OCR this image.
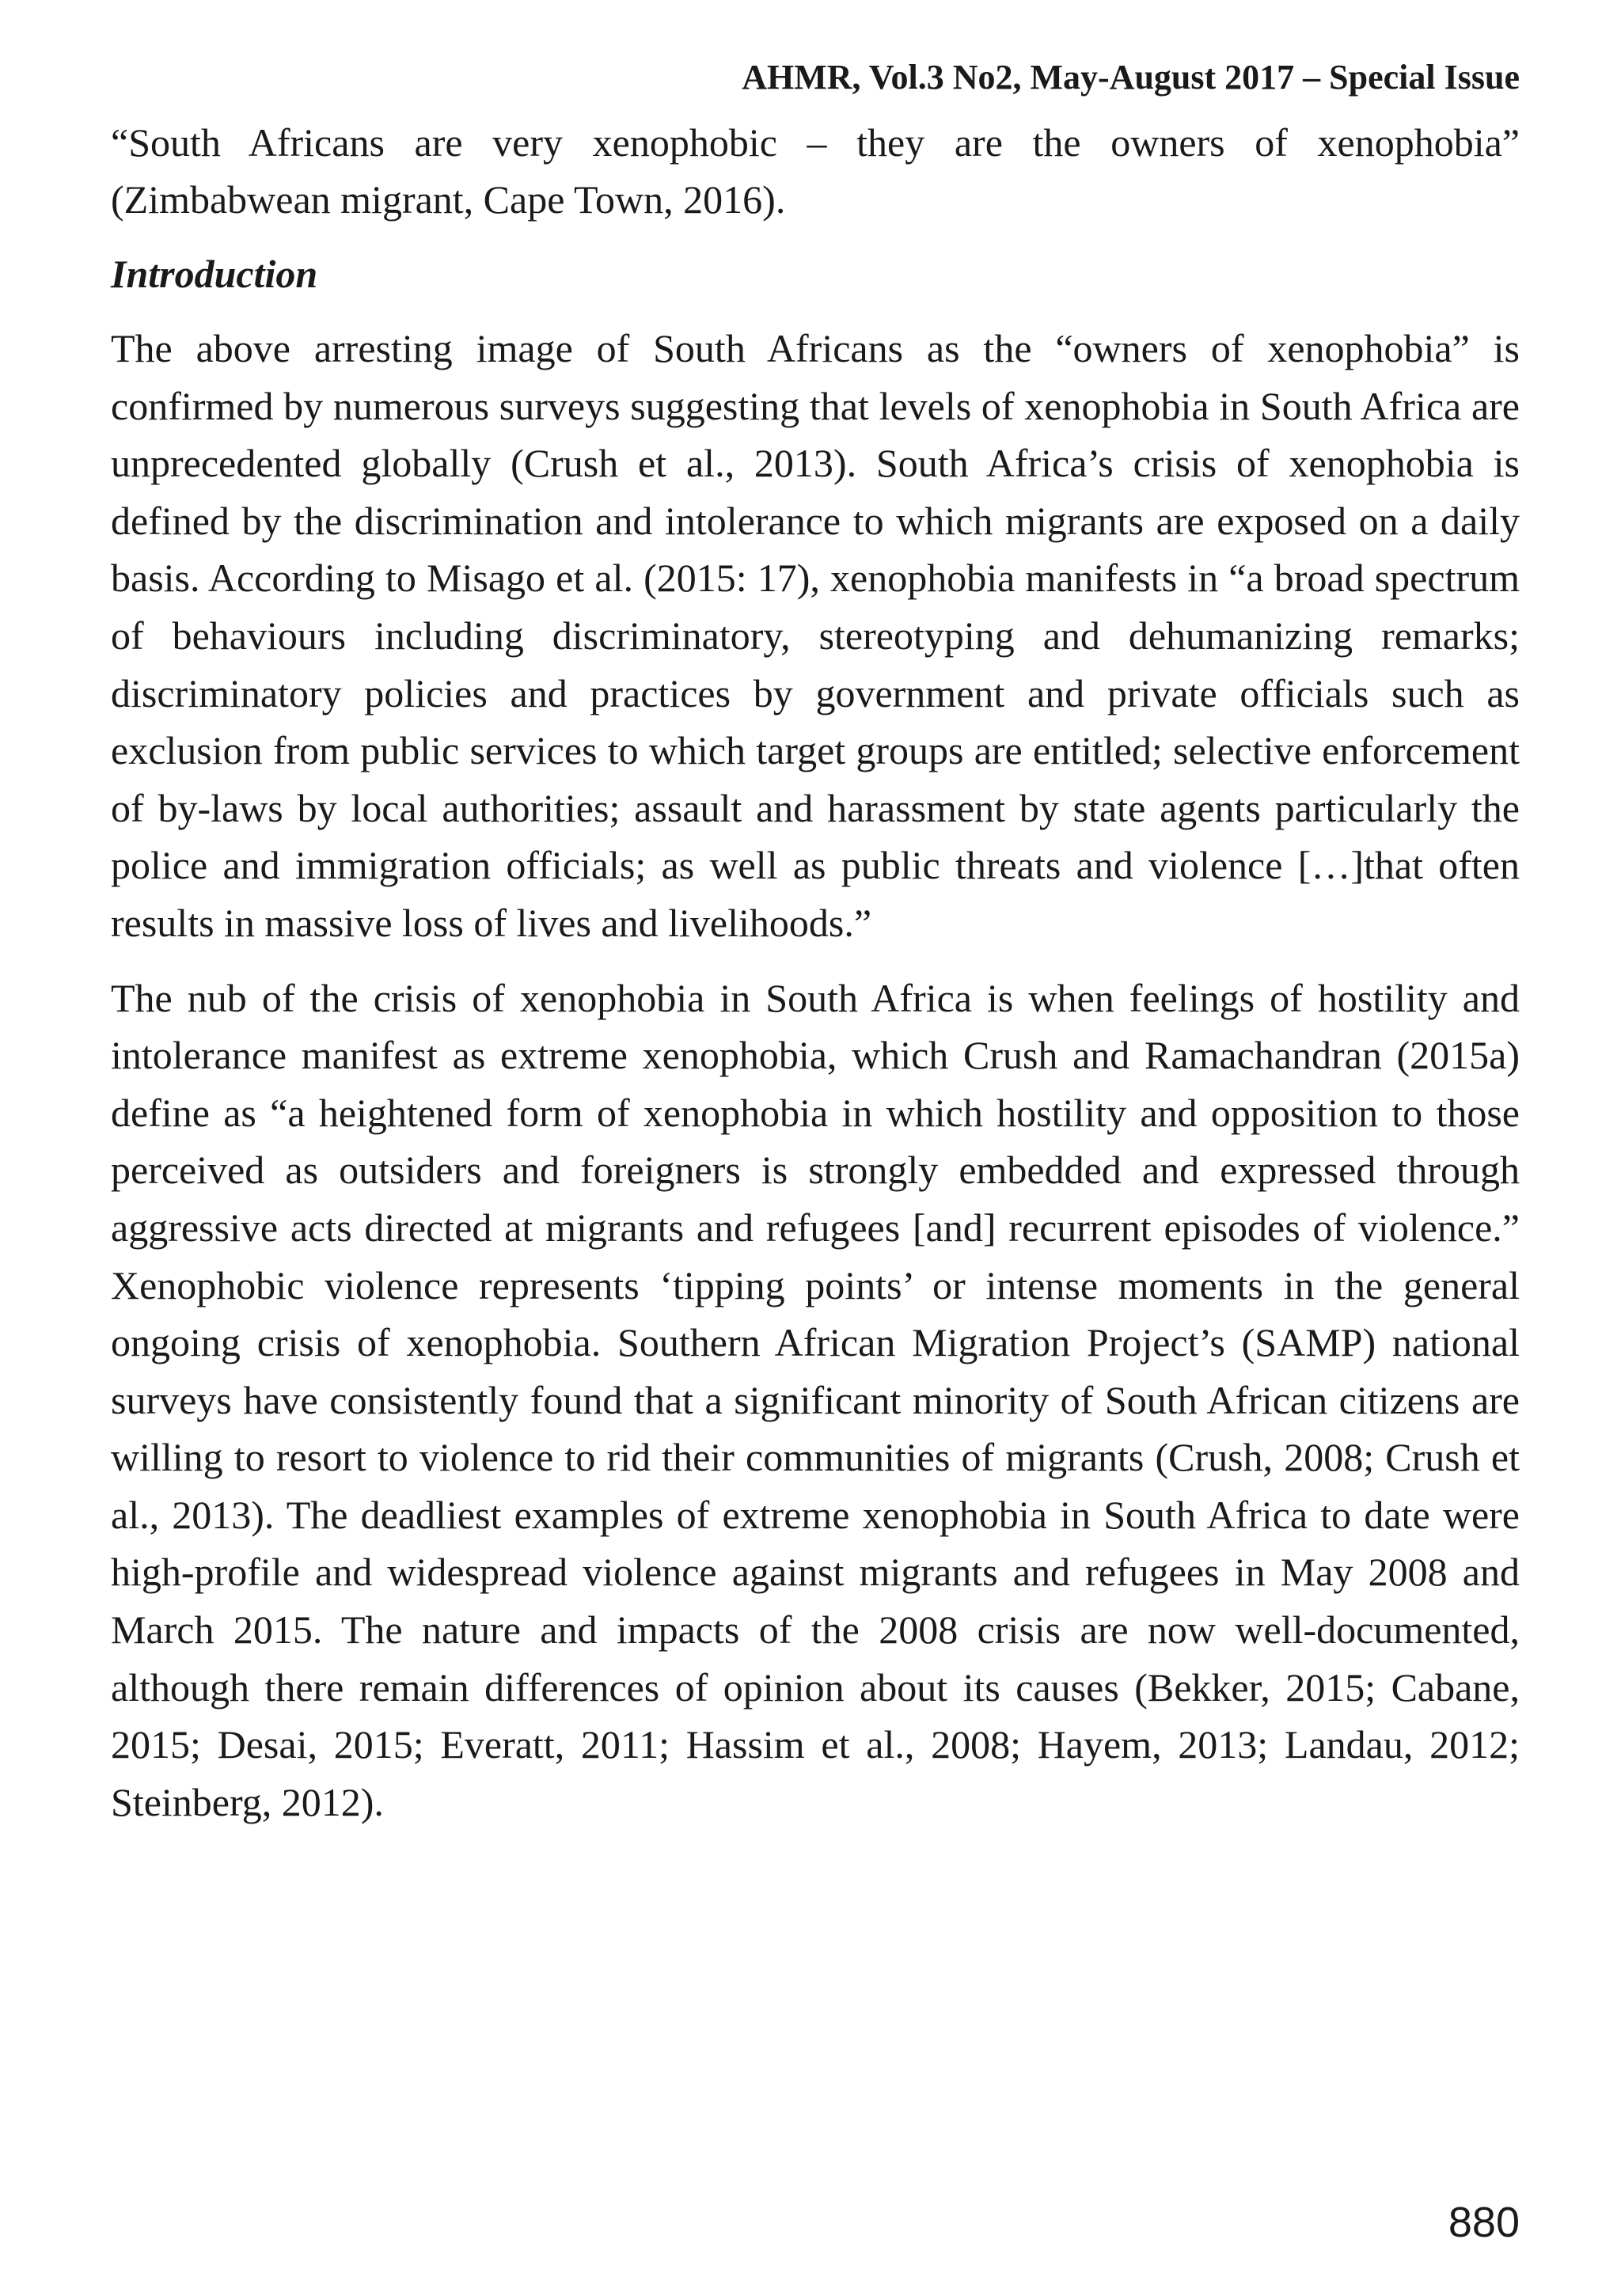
AHMR, Vol.3 No2, May-August 2017 – Special Issue

“South Africans are very xenophobic – they are the owners of xenophobia” (Zimbabwean migrant, Cape Town, 2016).

Introduction

The above arresting image of South Africans as the “owners of xenophobia” is confirmed by numerous surveys suggesting that levels of xenophobia in South Africa are unprecedented globally (Crush et al., 2013). South Africa’s crisis of xenophobia is defined by the discrimination and intolerance to which migrants are exposed on a daily basis. According to Misago et al. (2015: 17), xenophobia manifests in “a broad spectrum of behaviours including discriminatory, stereotyping and dehumanizing remarks; discriminatory policies and practices by government and private officials such as exclusion from public services to which target groups are entitled; selective enforcement of by-laws by local authorities; assault and harassment by state agents particularly the police and immigration officials; as well as public threats and violence […]that often results in massive loss of lives and livelihoods.”

The nub of the crisis of xenophobia in South Africa is when feelings of hostility and intolerance manifest as extreme xenophobia, which Crush and Ramachandran (2015a) define as “a heightened form of xenophobia in which hostility and opposition to those perceived as outsiders and foreigners is strongly embedded and expressed through aggressive acts directed at migrants and refugees [and] recurrent episodes of violence.” Xenophobic violence represents ‘tipping points’ or intense moments in the general ongoing crisis of xenophobia. Southern African Migration Project’s (SAMP) national surveys have consistently found that a significant minority of South African citizens are willing to resort to violence to rid their communities of migrants (Crush, 2008; Crush et al., 2013). The deadliest examples of extreme xenophobia in South Africa to date were high-profile and widespread violence against migrants and refugees in May 2008 and March 2015. The nature and impacts of the 2008 crisis are now well-documented, although there remain differences of opinion about its causes (Bekker, 2015; Cabane, 2015; Desai, 2015; Everatt, 2011; Hassim et al., 2008; Hayem, 2013; Landau, 2012; Steinberg, 2012).

880
